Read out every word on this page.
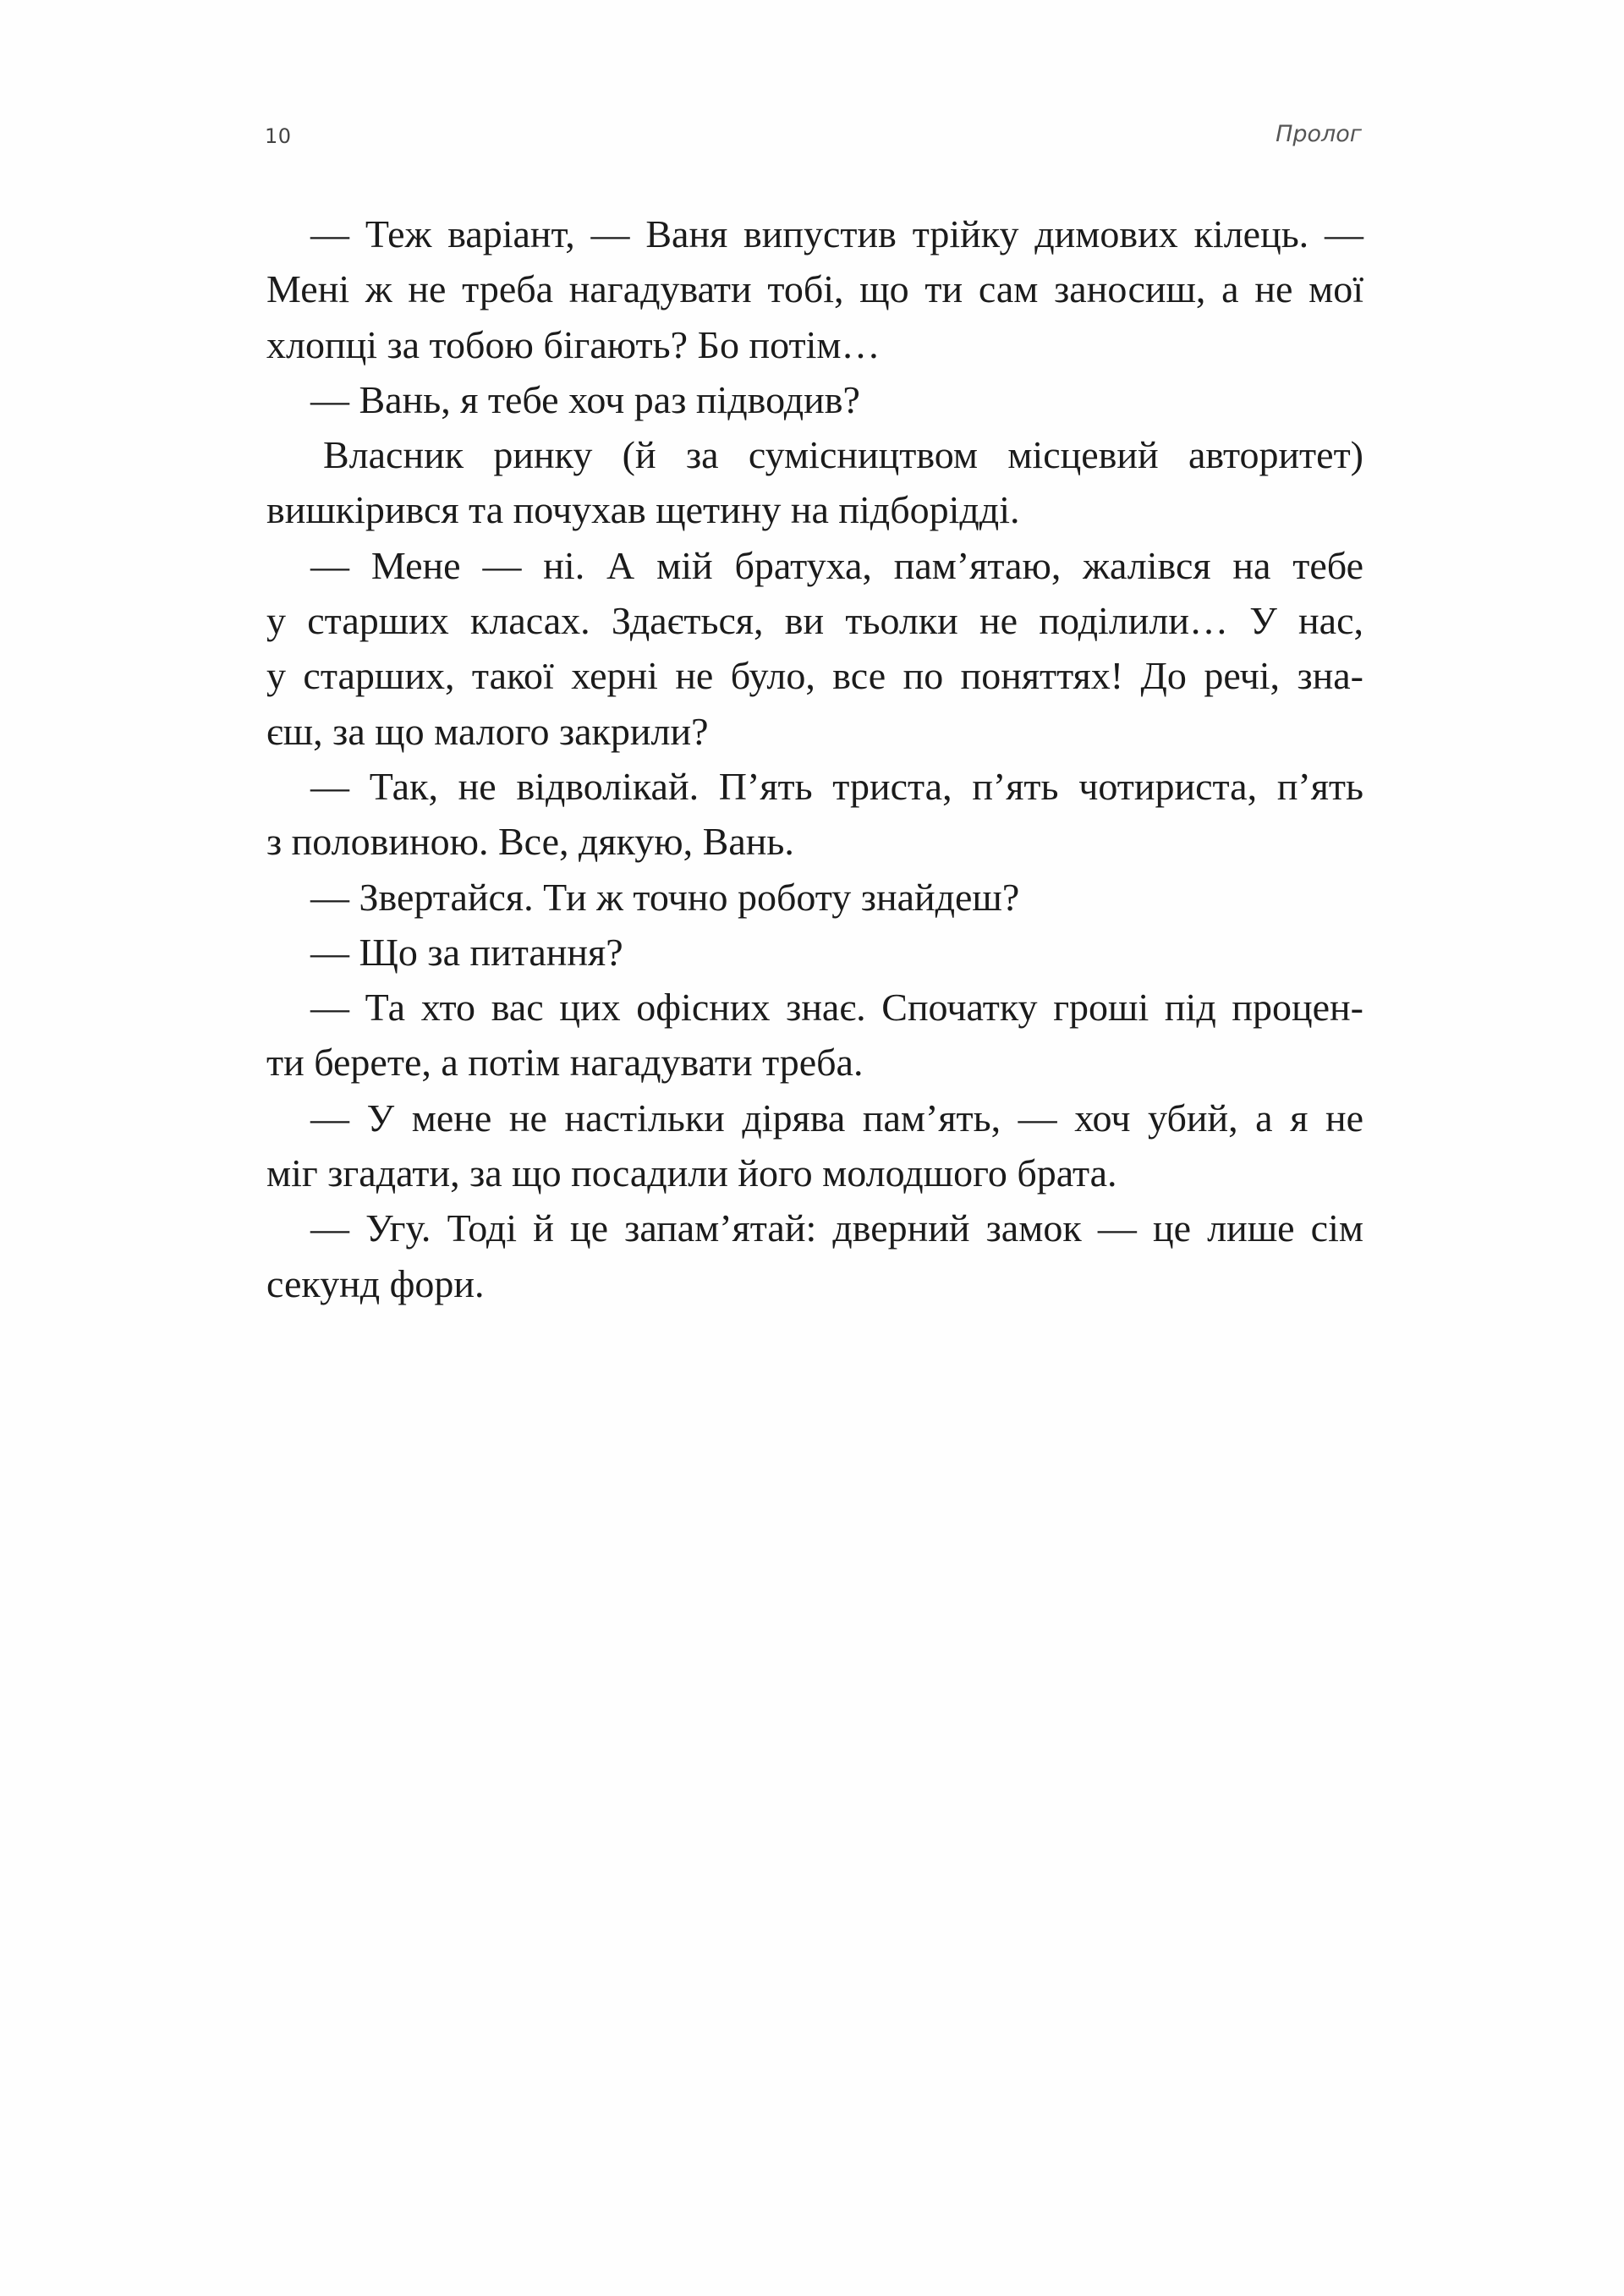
10	Пролог
— Теж варіант, — Ваня випустив трійку димових кілець. —
Мені ж не треба нагадувати тобі, що ти сам заносиш, а не мої
хлопці за тобою бігають? Бо потім…
— Вань, я тебе хоч раз підводив?
Власник ринку (й за сумісництвом місцевий авторитет)
вишкірився та почухав щетину на підборідді.
— Мене — ні. А мій братуха, пам’ятаю, жалівся на тебе
у старших класах. Здається, ви тьолки не поділили… У нас,
у старших, такої херні не було, все по поняттях! До речі, зна-
єш, за що малого закрили?
— Так, не відволікай. П’ять триста, п’ять чотириста, п’ять
з половиною. Все, дякую, Вань.
— Звертайся. Ти ж точно роботу знайдеш?
— Що за питання?
— Та хто вас цих офісних знає. Спочатку гроші під процен-
ти берете, а потім нагадувати треба.
— У мене не настільки дірява пам’ять, — хоч убий, а я не
міг згадати, за що посадили його молодшого брата.
— Угу. Тоді й це запам’ятай: дверний замок — це лише сім
секунд фори.
